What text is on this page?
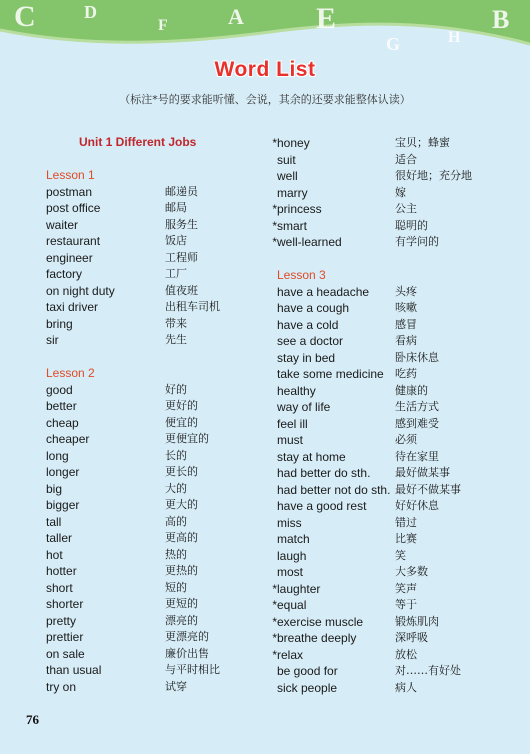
C	D
F	A E
G	H
B
Word List
（标注*号的要求能听懂、会说，其余的还要求能整体认读）
Unit 1 Different Jobs
Lesson 1
postman	邮递员
post office	邮局
waiter	服务生
restaurant	饭店
engineer	工程师
factory	工厂
on night duty	值夜班
taxi driver	出租车司机
bring	带来
sir	先生
Lesson 2
good	好的
better	更好的
cheap	便宜的
cheaper	更便宜的
long	长的
longer	更长的
big	大的
bigger	更大的
tall	高的
taller	更高的
hot	热的
hotter	更热的
short	短的
shorter	更短的
pretty	漂亮的
prettier	更漂亮的
on sale	廉价出售
than usual	与平时相比
try on	试穿
*honey	宝贝；蜂蜜
suit	适合
well	很好地；充分地
marry	嫁
*princess	公主
*smart	聪明的
*well-learned	有学问的
Lesson 3
have a headache 头疼
have a cough	咳嗽
have a cold	感冒
see a doctor	看病
stay in bed	卧床休息
take some medicine 吃药
healthy	健康的
way of life	生活方式
feel ill	感到难受
must	必须
stay at home	待在家里
had better do sth. 最好做某事
had better not do sth. 最好不做某事
have a good rest	好好休息
miss	错过
match	比赛
laugh	笑
most	大多数
*laughter	笑声
*equal	等于
*exercise muscle	锻炼肌肉
*breathe deeply	深呼吸
*relax	放松
be good for	对……有好处
sick people	病人
76
